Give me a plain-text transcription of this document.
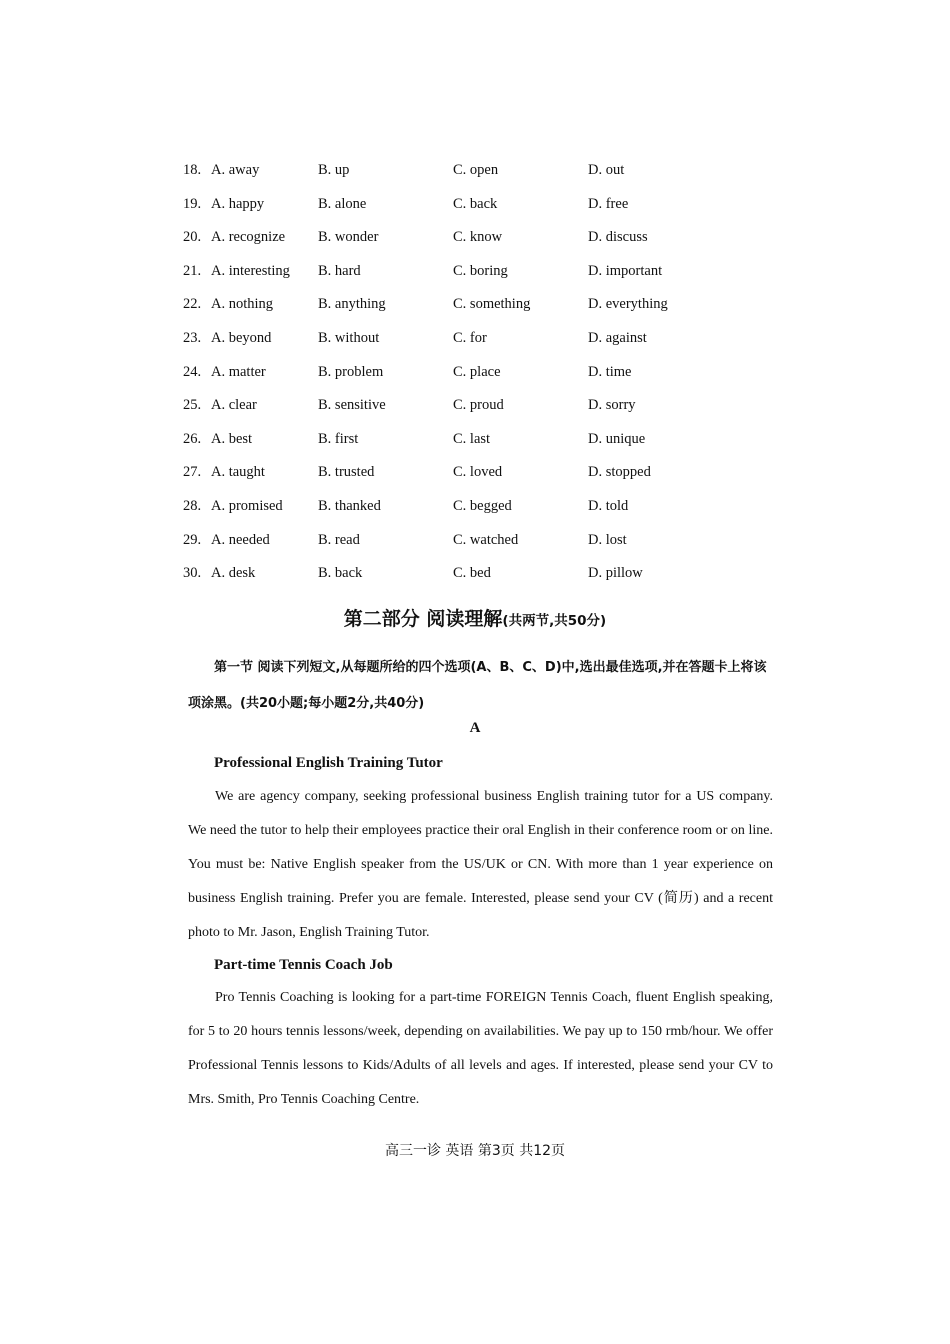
18. A. away	B. up	C. open	D. out
19. A. happy	B. alone	C. back	D. free
20. A. recognize B. wonder	C. know	D. discuss
21. A. interesting B. hard	C. boring	D. important
22. A. nothing	B. anything	C. something	D. everything
23. A. beyond	B. without	C. for	D. against
24. A. matter	B. problem	C. place	D. time
25. A. clear	B. sensitive	C. proud	D. sorry
26. A. best	B. first	C. last	D. unique
27. A. taught	B. trusted	C. loved	D. stopped
28. A. promised B. thanked	C. begged	D. told
29. A. needed	B. read	C. watched	D. lost
30. A. desk	B. back	C. bed	D. pillow
第二部分 阅读理解(共两节,共50分)
第一节 阅读下列短文,从每题所给的四个选项(A、B、C、D)中,选出最佳选项,并在答题卡上将该
项涂黑。(共20小题;每小题2分,共40分)
A
Professional English Training Tutor
We are agency company, seeking professional business English training tutor for a US company. We need the tutor to help their employees practice their oral English in their conference room or on line. You must be: Native English speaker from the US/UK or CN. With more than 1 year experience on business English training. Prefer you are female. Interested, please send your CV (简历) and a recent photo to Mr. Jason, English Training Tutor.
Part-time Tennis Coach Job
Pro Tennis Coaching is looking for a part-time FOREIGN Tennis Coach, fluent English speaking, for 5 to 20 hours tennis lessons/week, depending on availabilities. We pay up to 150 rmb/hour. We offer Professional Tennis lessons to Kids/Adults of all levels and ages. If interested, please send your CV to Mrs. Smith, Pro Tennis Coaching Centre.
高三一诊 英语 第3页 共12页
